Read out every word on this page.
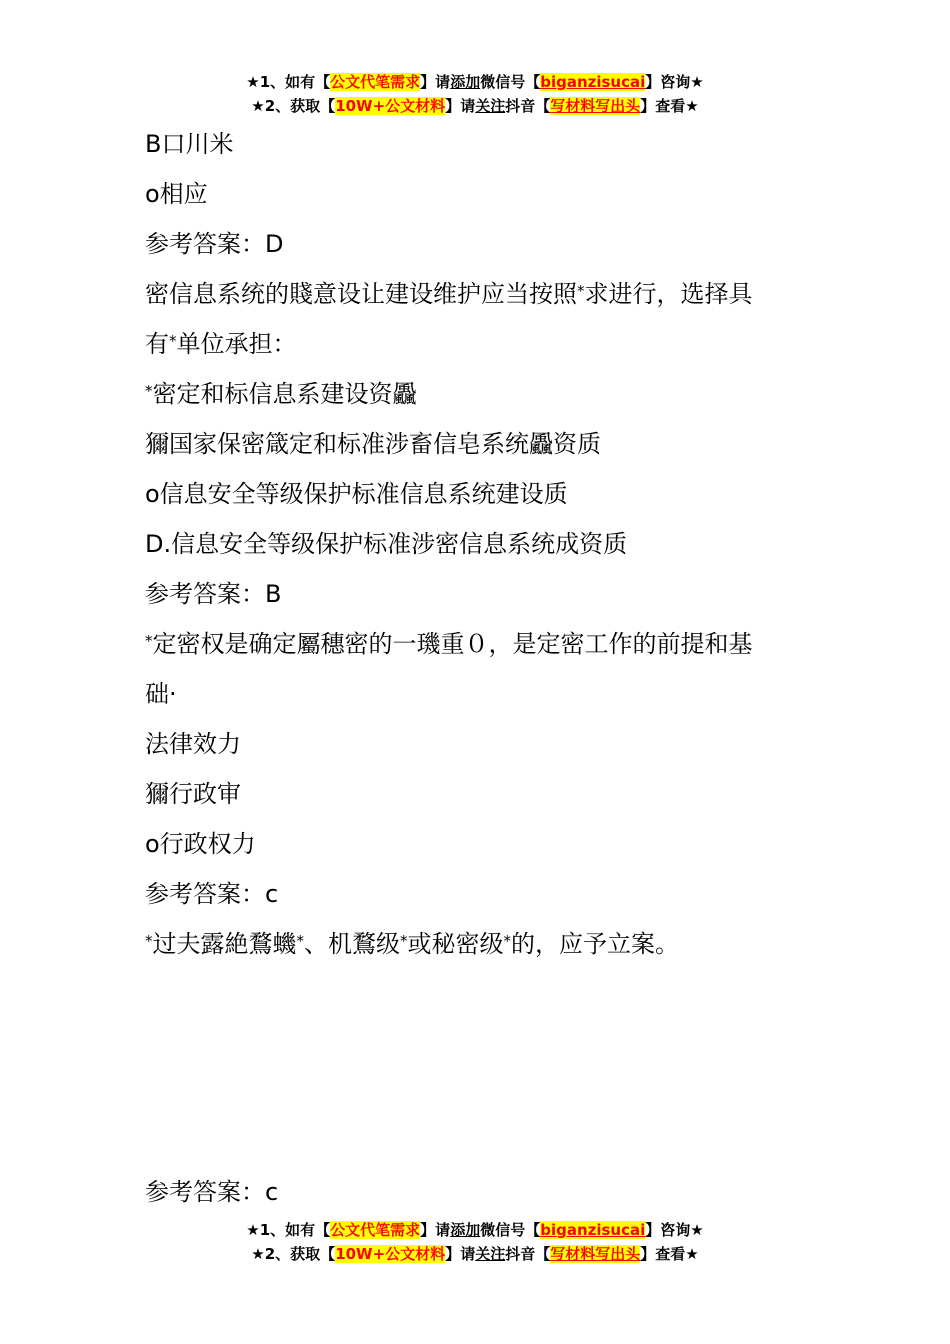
★1、如有【公文代笔需求】请添加微信号【biganzisucai】咨询★
★2、获取【10W+公文材料】请关注抖音【写材料写出头】查看★
B口川米
o相应
参考答案：D
密信息系统的賤意设让建设维护应当按照*求进行，选择具
有*单位承担：
*密定和标信息系建设资飍
獮国家保密箴定和标准涉畜信皂系统飍资质
o信息安全等级保护标准信息系统建设质
D.信息安全等级保护标准涉密信息系统成资质
参考答案：B
*定密权是确定屬穗密的一璣重０，是定密工作的前提和基
础·
法律效力
獮行政审
o行政权力
参考答案：c
*过夫露絶鶩蟣*、机鶩级*或秘密级*的，应予立案。
参考答案：c
★1、如有【公文代笔需求】请添加微信号【biganzisucai】咨询★
★2、获取【10W+公文材料】请关注抖音【写材料写出头】查看★
